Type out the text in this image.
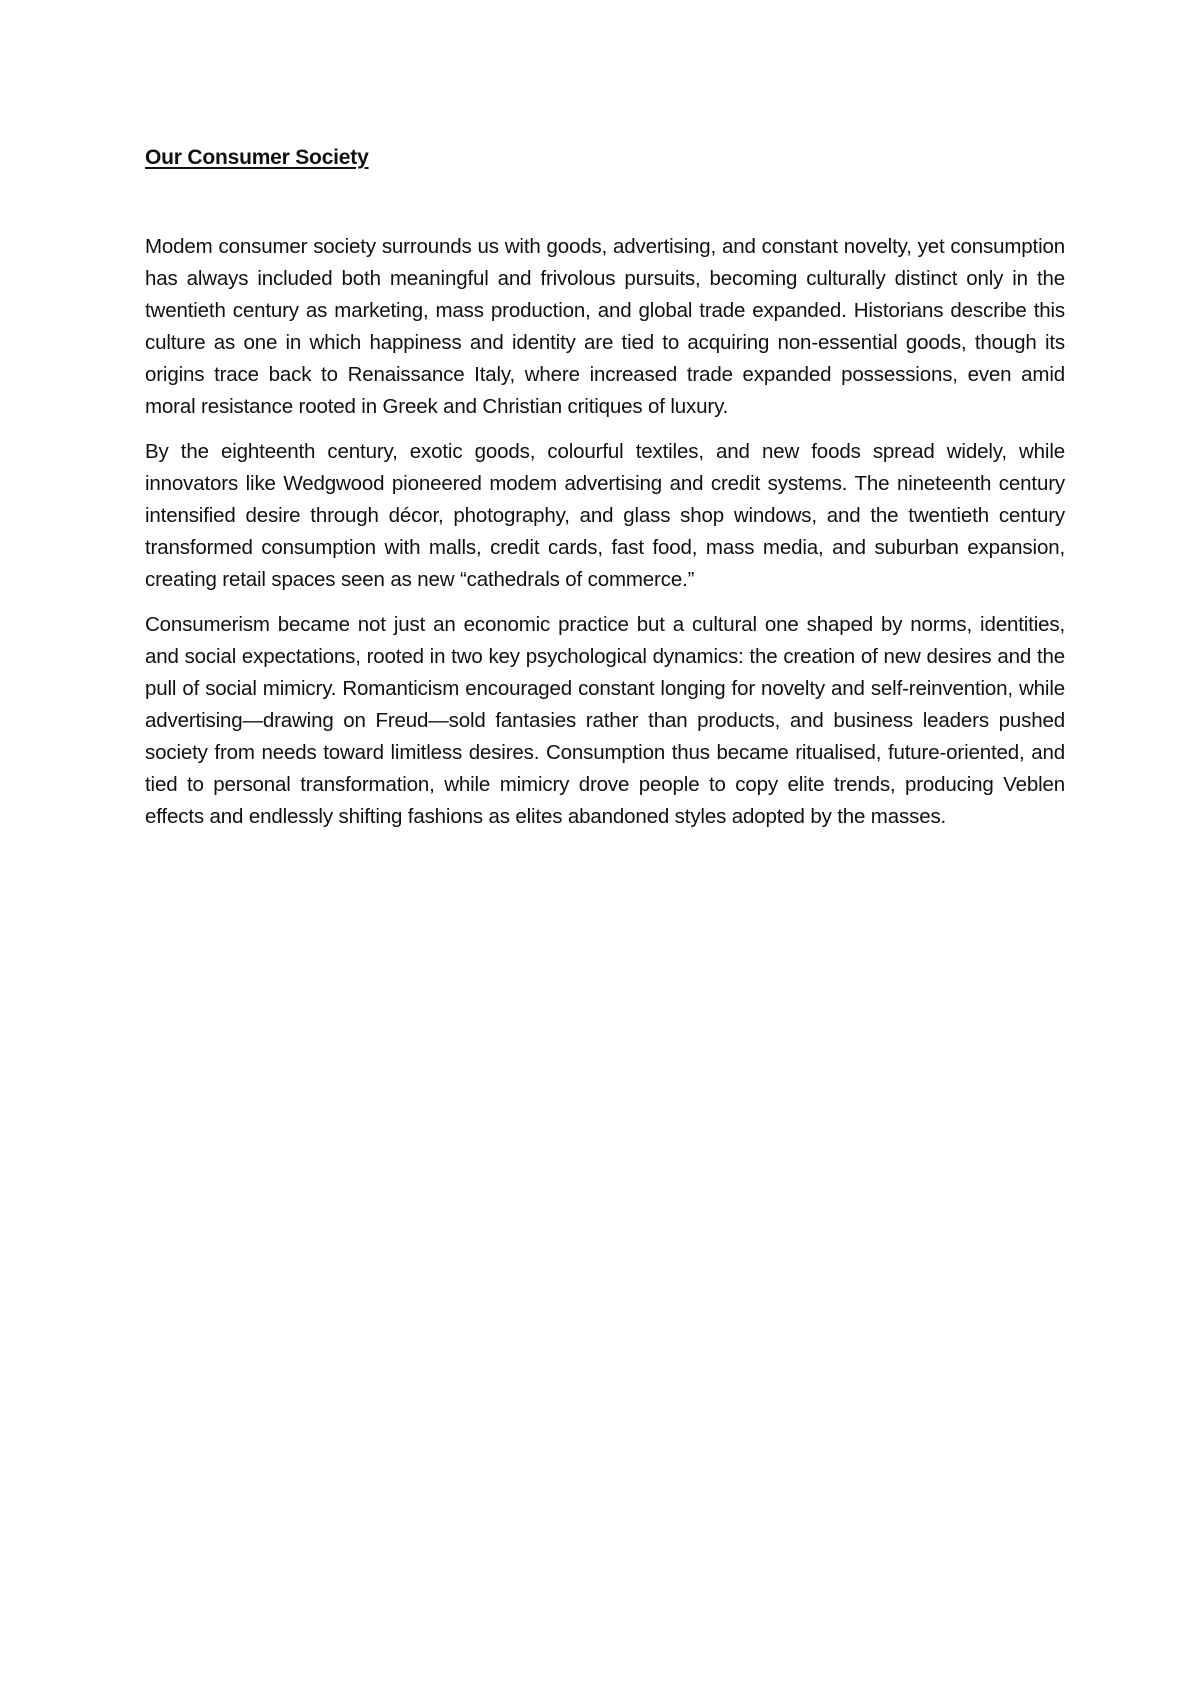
Our Consumer Society

Modem consumer society surrounds us with goods, advertising, and constant novelty, yet consumption has always included both meaningful and frivolous pursuits, becoming culturally distinct only in the twentieth century as marketing, mass production, and global trade expanded. Historians describe this culture as one in which happiness and identity are tied to acquiring non-essential goods, though its origins trace back to Renaissance Italy, where increased trade expanded possessions, even amid moral resistance rooted in Greek and Christian critiques of luxury.

By the eighteenth century, exotic goods, colourful textiles, and new foods spread widely, while innovators like Wedgwood pioneered modem advertising and credit systems. The nineteenth century intensified desire through décor, photography, and glass shop windows, and the twentieth century transformed consumption with malls, credit cards, fast food, mass media, and suburban expansion, creating retail spaces seen as new “cathedrals of commerce.”

Consumerism became not just an economic practice but a cultural one shaped by norms, identities, and social expectations, rooted in two key psychological dynamics: the creation of new desires and the pull of social mimicry. Romanticism encouraged constant longing for novelty and self-reinvention, while advertising—drawing on Freud—sold fantasies rather than products, and business leaders pushed society from needs toward limitless desires. Consumption thus became ritualised, future-oriented, and tied to personal transformation, while mimicry drove people to copy elite trends, producing Veblen effects and endlessly shifting fashions as elites abandoned styles adopted by the masses.
